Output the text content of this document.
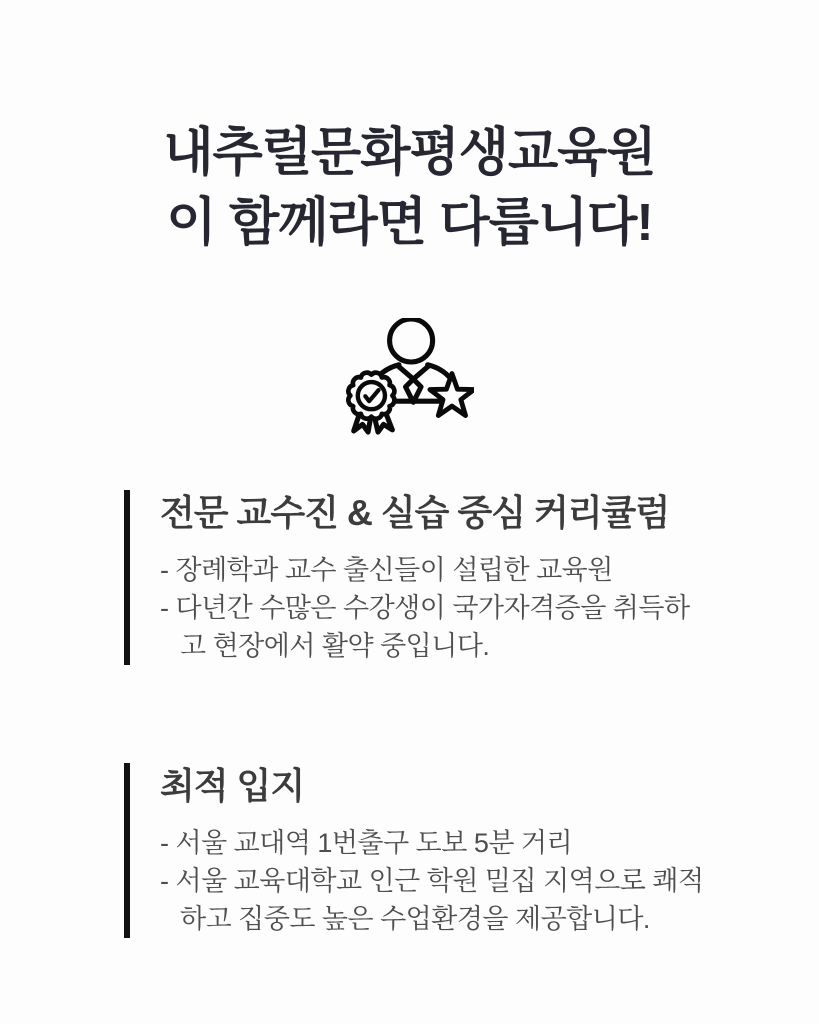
내추럴문화평생교육원
이 함께라면 다릅니다!
전문 교수진 & 실습 중심 커리큘럼

- 장례학과 교수 출신들이 설립한 교육원

- 다년간 수많은 수강생이 국가자격증을 취득하고 현장에서 활약 중입니다.

최적 입지

- 서울 교대역 1번출구 도보 5분 거리

- 서울 교육대학교 인근 학원 밀집 지역으로 쾌적하고 집중도 높은 수업환경을 제공합니다.
